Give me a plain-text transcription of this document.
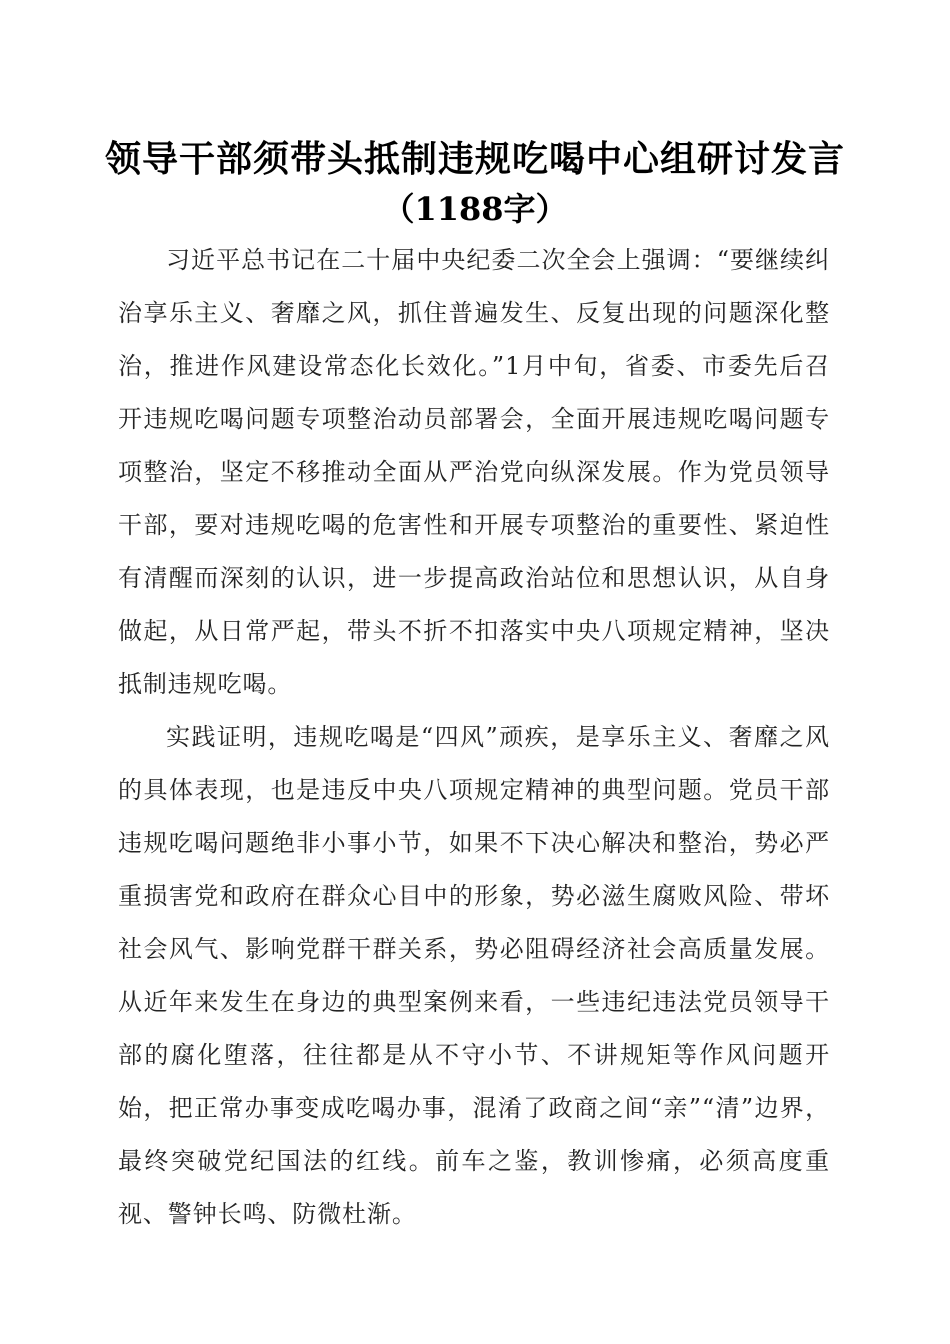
领导干部须带头抵制违规吃喝中心组研讨发言
（1188字）

习近平总书记在二十届中央纪委二次全会上强调：“要继续纠治享乐主义、奢靡之风，抓住普遍发生、反复出现的问题深化整治，推进作风建设常态化长效化。”1月中旬，省委、市委先后召开违规吃喝问题专项整治动员部署会，全面开展违规吃喝问题专项整治，坚定不移推动全面从严治党向纵深发展。作为党员领导干部，要对违规吃喝的危害性和开展专项整治的重要性、紧迫性有清醒而深刻的认识，进一步提高政治站位和思想认识，从自身做起，从日常严起，带头不折不扣落实中央八项规定精神，坚决抵制违规吃喝。

实践证明，违规吃喝是“四风”顽疾，是享乐主义、奢靡之风的具体表现，也是违反中央八项规定精神的典型问题。党员干部违规吃喝问题绝非小事小节，如果不下决心解决和整治，势必严重损害党和政府在群众心目中的形象，势必滋生腐败风险、带坏社会风气、影响党群干群关系，势必阻碍经济社会高质量发展。从近年来发生在身边的典型案例来看，一些违纪违法党员领导干部的腐化堕落，往往都是从不守小节、不讲规矩等作风问题开始，把正常办事变成吃喝办事，混淆了政商之间“亲”“清”边界，最终突破党纪国法的红线。前车之鉴，教训惨痛，必须高度重视、警钟长鸣、防微杜渐。
